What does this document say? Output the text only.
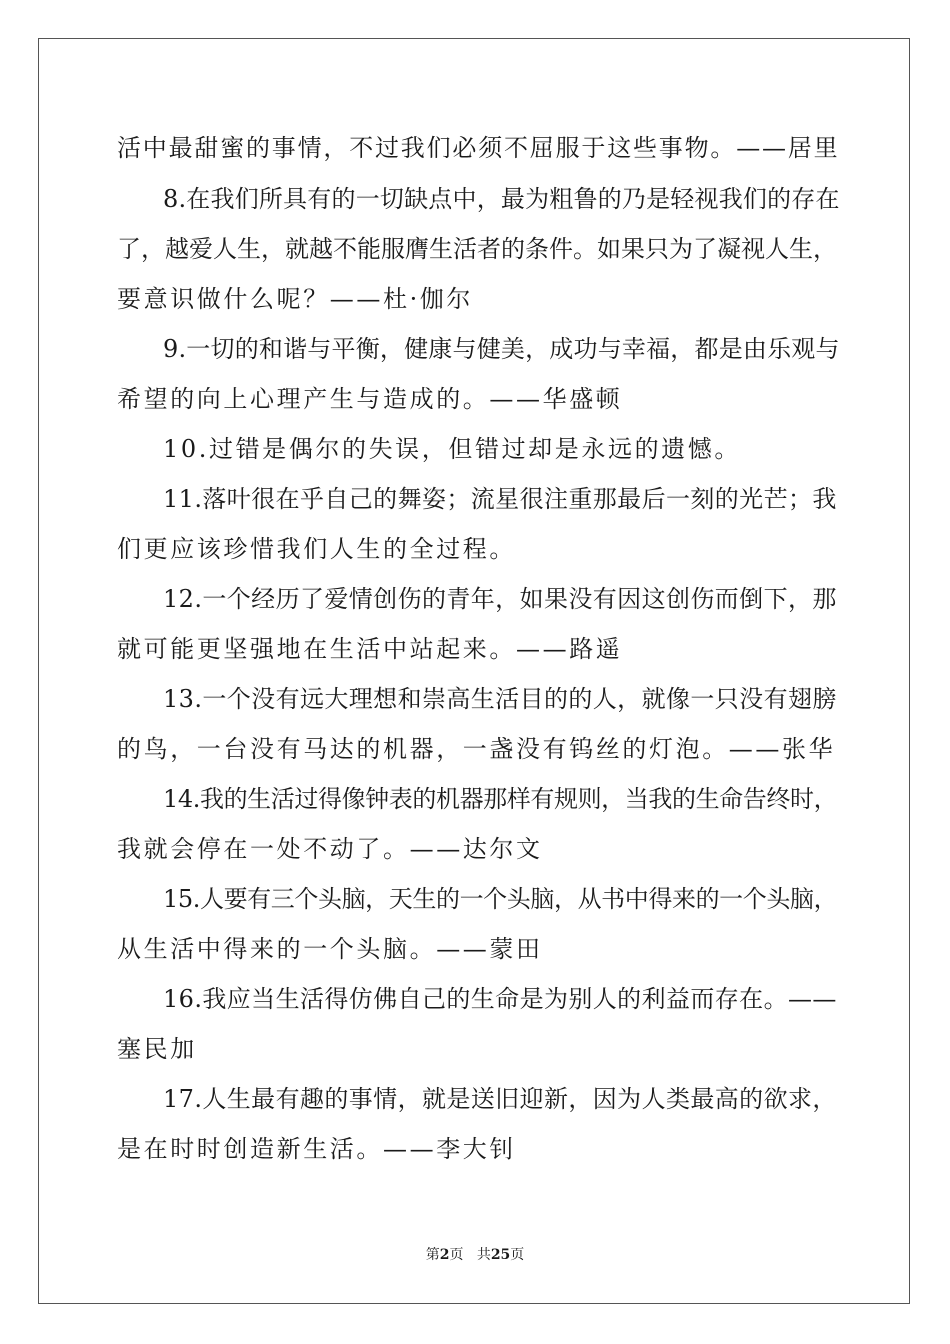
活中最甜蜜的事情，不过我们必须不屈服于这些事物。——居里
8.在我们所具有的一切缺点中，最为粗鲁的乃是轻视我们的存在
了，越爱人生，就越不能服膺生活者的条件。如果只为了凝视人生，
要意识做什么呢？——杜·伽尔
9.一切的和谐与平衡，健康与健美，成功与幸福，都是由乐观与
希望的向上心理产生与造成的。——华盛顿
10.过错是偶尔的失误，但错过却是永远的遗憾。
11.落叶很在乎自己的舞姿；流星很注重那最后一刻的光芒；我
们更应该珍惜我们人生的全过程。
12.一个经历了爱情创伤的青年，如果没有因这创伤而倒下，那
就可能更坚强地在生活中站起来。——路遥
13.一个没有远大理想和崇高生活目的的人，就像一只没有翅膀
的鸟，一台没有马达的机器，一盏没有钨丝的灯泡。——张华
14.我的生活过得像钟表的机器那样有规则，当我的生命告终时，
我就会停在一处不动了。——达尔文
15.人要有三个头脑，天生的一个头脑，从书中得来的一个头脑，
从生活中得来的一个头脑。——蒙田
16.我应当生活得仿佛自己的生命是为别人的利益而存在。——
塞民加
17.人生最有趣的事情，就是送旧迎新，因为人类最高的欲求，
是在时时创造新生活。——李大钊
第2页 共25页
